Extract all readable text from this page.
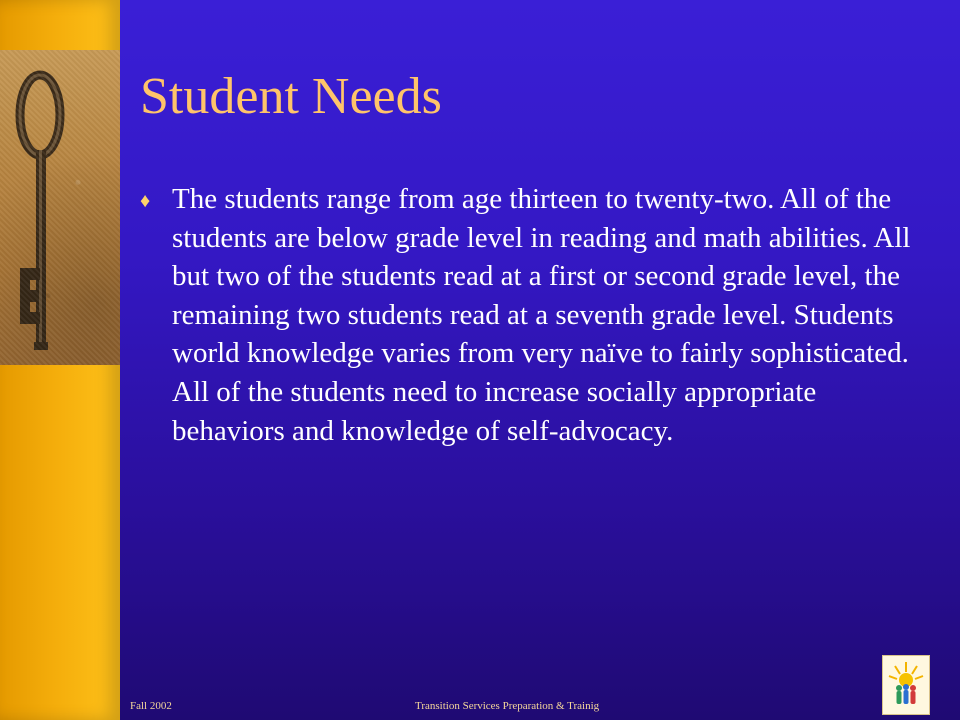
Student Needs
♦ The students range from age thirteen to twenty-two. All of the students are below grade level in reading and math abilities. All but two of the students read at a first or second grade level, the remaining two students read at a seventh grade level. Students world knowledge varies from very naïve to fairly sophisticated. All of the students need to increase socially appropriate behaviors and knowledge of self-advocacy.

Fall 2002	Transition Services Preparation & Trainig
